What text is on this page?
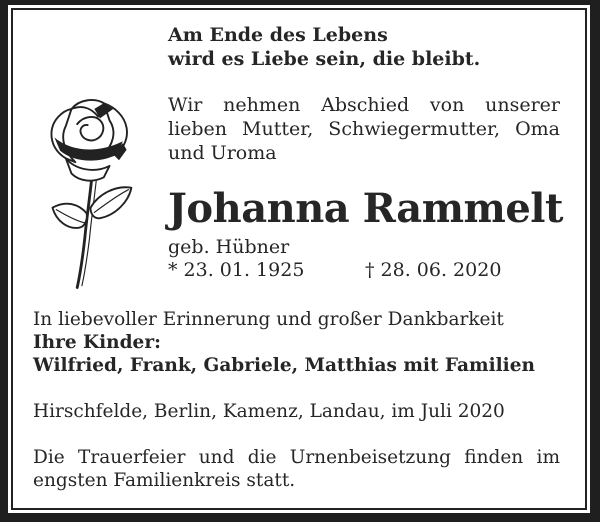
Am Ende des Lebens
wird es Liebe sein, die bleibt.
Wir nehmen Abschied von unserer
lieben Mutter, Schwiegermutter, Oma
und Uroma
Johanna Rammelt
geb. Hübner
* 23. 01. 1925	† 28. 06. 2020
In liebevoller Erinnerung und großer Dankbarkeit
Ihre Kinder:
Wilfried, Frank, Gabriele, Matthias mit Familien
Hirschfelde, Berlin, Kamenz, Landau, im Juli 2020
Die Trauerfeier und die Urnenbeisetzung finden im
engsten Familienkreis statt.
